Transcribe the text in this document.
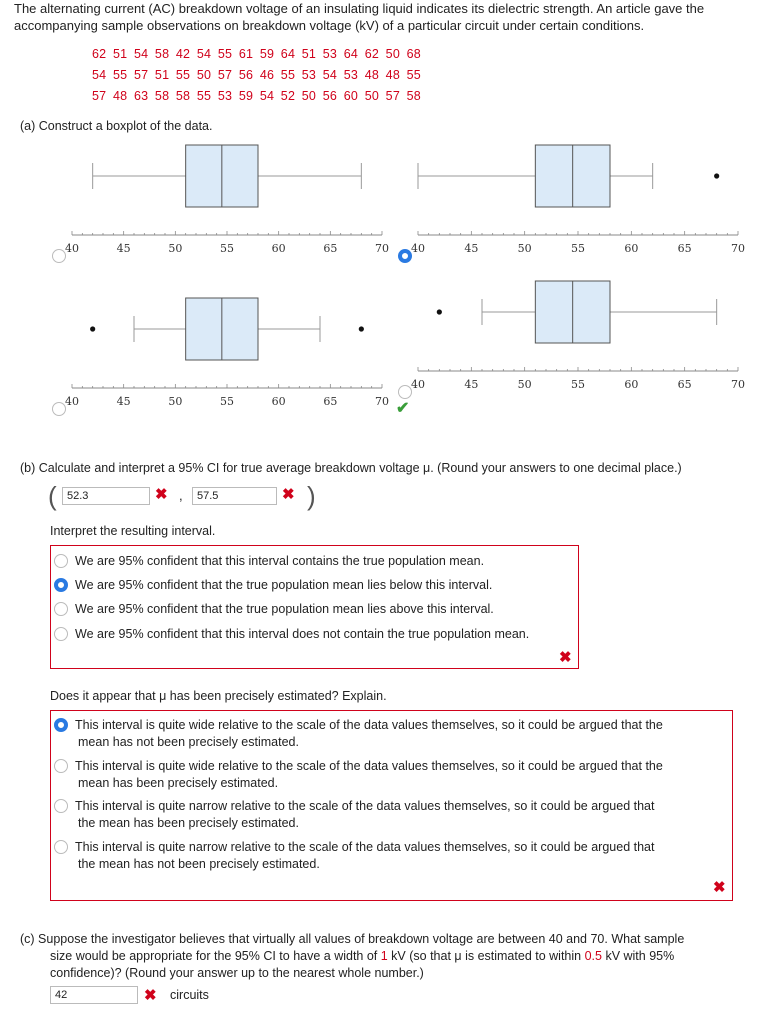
The alternating current (AC) breakdown voltage of an insulating liquid indicates its dielectric strength. An article gave the
accompanying sample observations on breakdown voltage (kV) of a particular circuit under certain conditions.
62 51 54 58 42 54 55 61 59 64 51 53 64 62 50 68
54 55 57 51 55 50 57 56 46 55 53 54 53 48 48 55
57 48 63 58 58 55 53 59 54 52 50 56 60 50 57 58
(a) Construct a boxplot of the data.
40	45	50	55	60	65	70 40	45	50	55	60	65	70
40	45	50	55	60	65	70
40	45	50	55	60	65	70
✔
(b) Calculate and interpret a 95% CI for true average breakdown voltage μ. (Round your answers to one decimal place.)
( 52.3	✖ ,	57.5	✖ )
Interpret the resulting interval.
We are 95% confident that this interval contains the true population mean.
We are 95% confident that the true population mean lies below this interval.
We are 95% confident that the true population mean lies above this interval.
We are 95% confident that this interval does not contain the true population mean.
✖
Does it appear that μ has been precisely estimated? Explain.
This interval is quite wide relative to the scale of the data values themselves, so it could be argued that the
mean has not been precisely estimated.
This interval is quite wide relative to the scale of the data values themselves, so it could be argued that the
mean has been precisely estimated.
This interval is quite narrow relative to the scale of the data values themselves, so it could be argued that
the mean has been precisely estimated.
This interval is quite narrow relative to the scale of the data values themselves, so it could be argued that
the mean has not been precisely estimated.
✖
(c) Suppose the investigator believes that virtually all values of breakdown voltage are between 40 and 70. What sample
size would be appropriate for the 95% CI to have a width of 1 kV (so that μ is estimated to within 0.5 kV with 95%
confidence)? (Round your answer up to the nearest whole number.)
42	✖ circuits
